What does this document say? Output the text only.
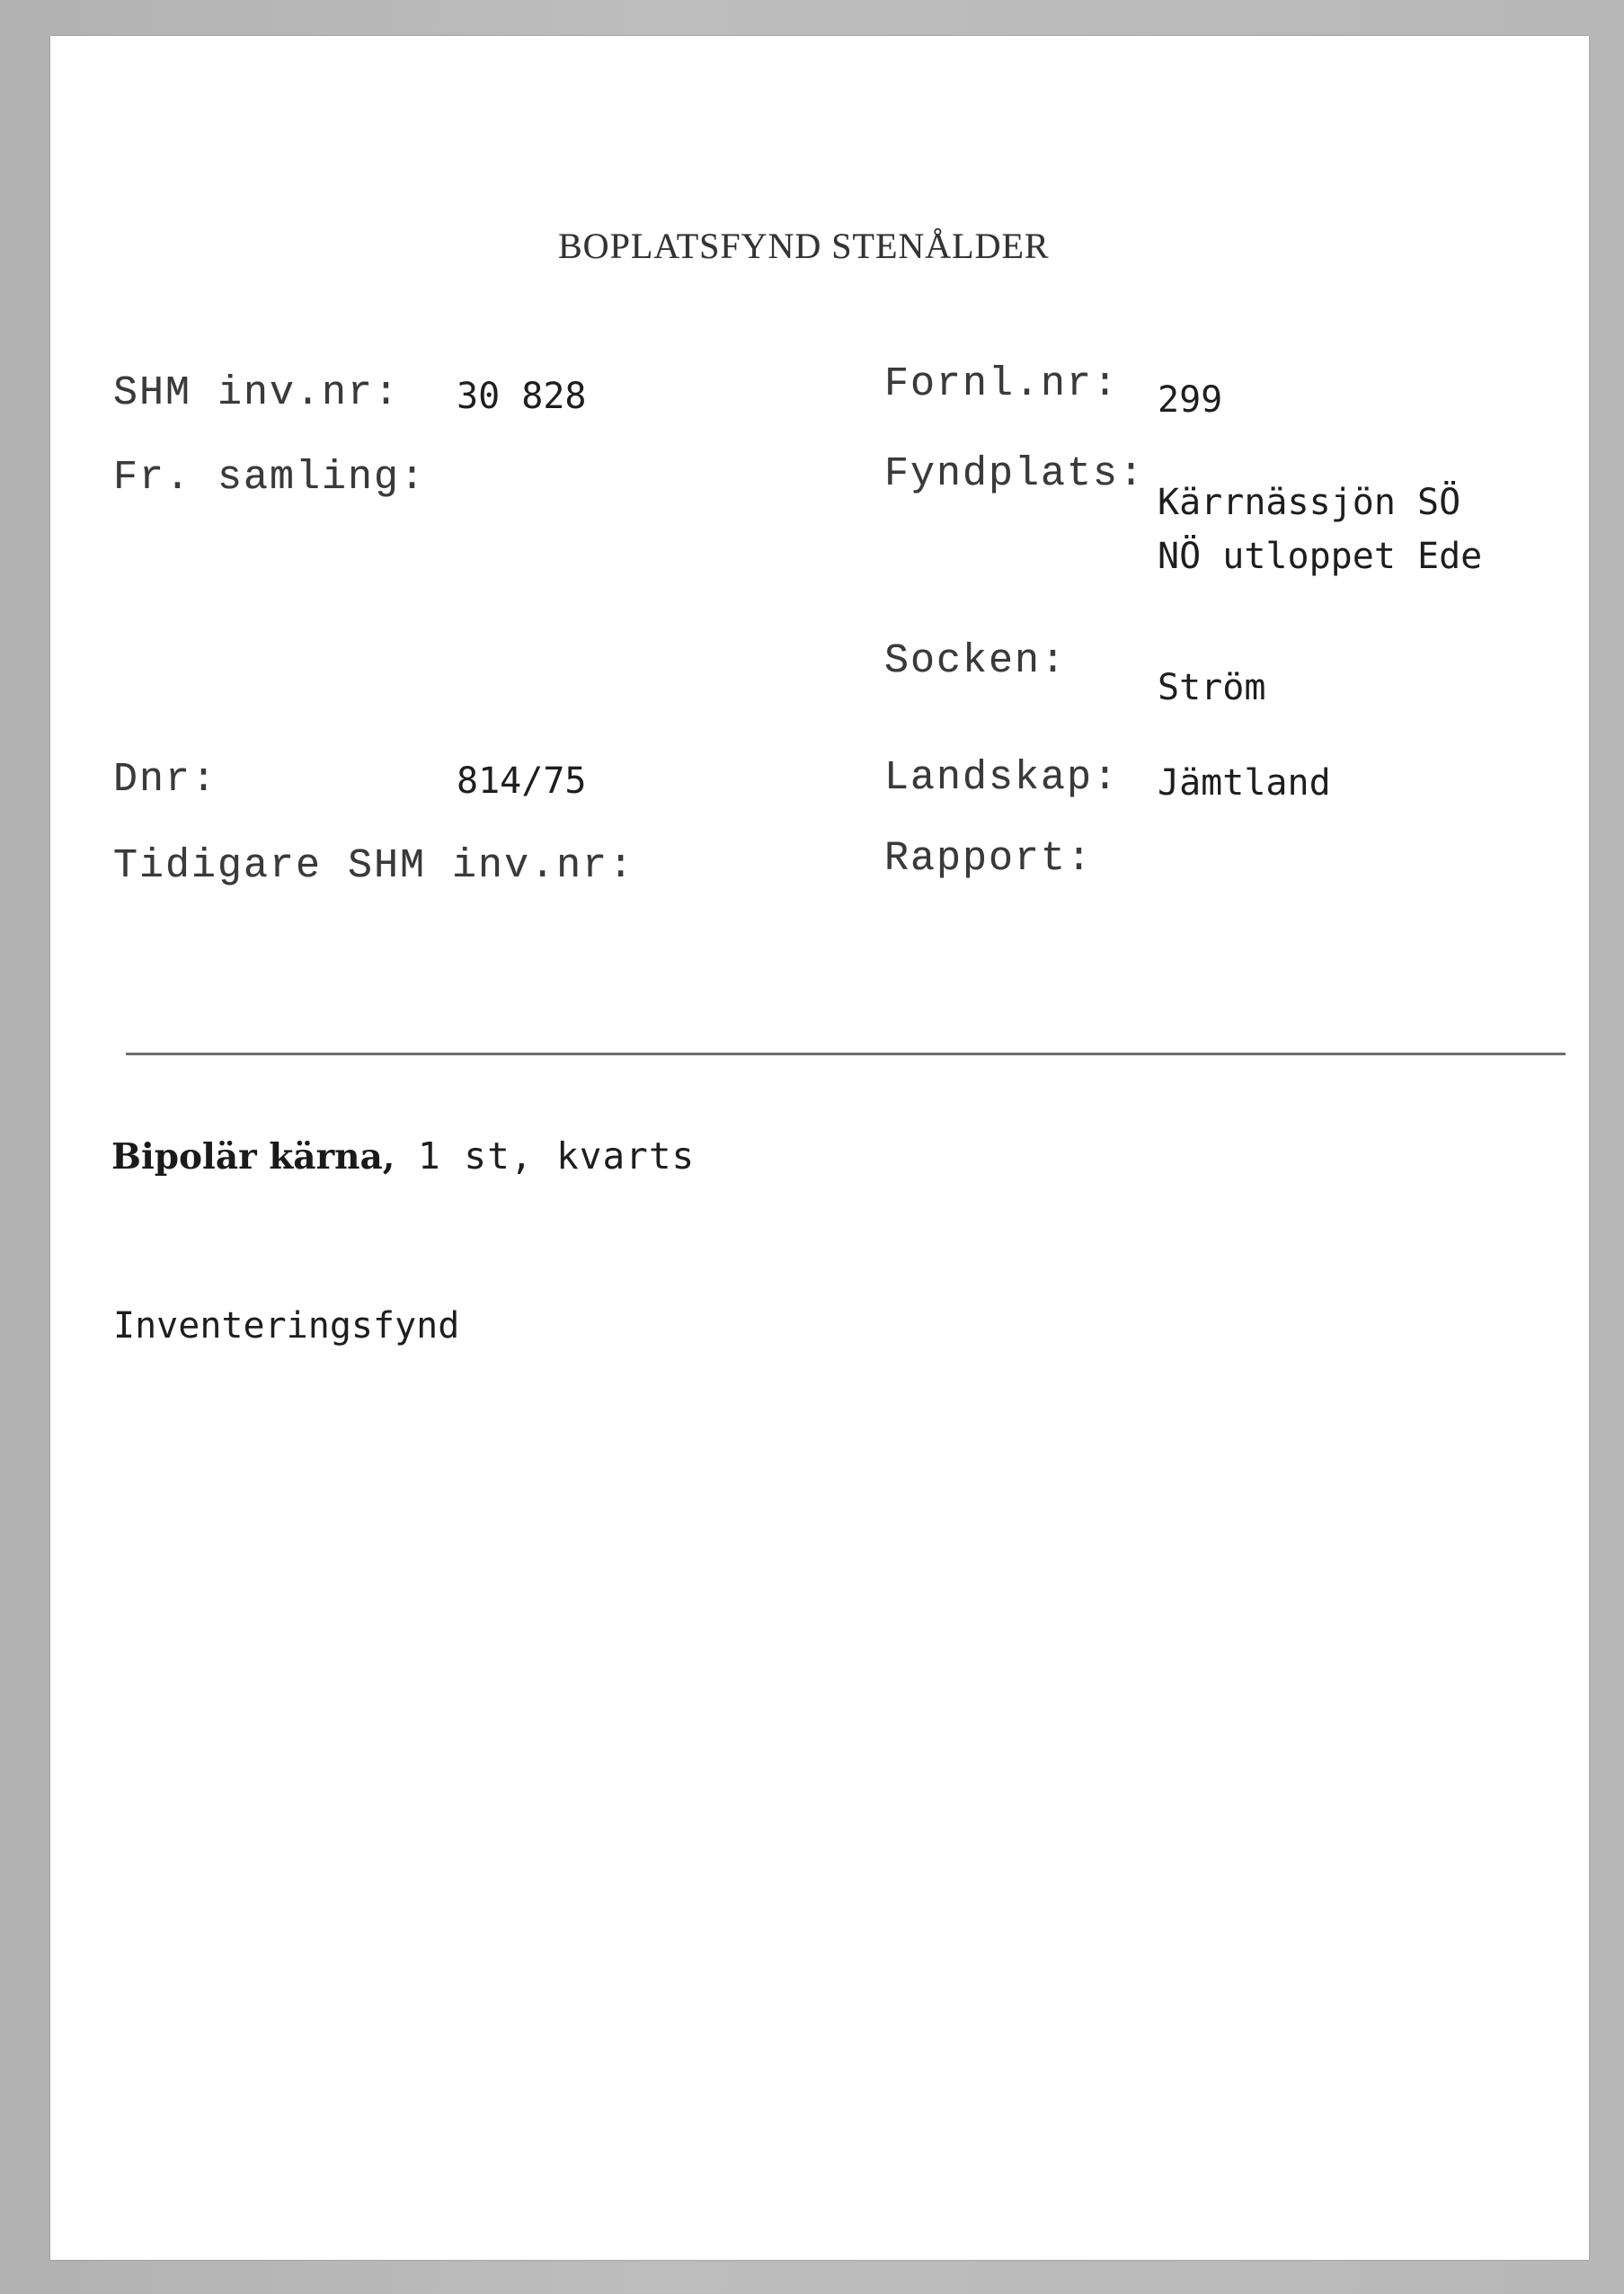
BOPLATSFYND STENÅLDER
SHM inv.nr: 30 828	Fornl.nr: 299
Fr. samling:	Fyndplats:
Kärrnässjön SÖ
NÖ utloppet Ede
Socken:
Ström
Dnr:	814/75	Landskap: Jämtland
Tidigare SHM inv.nr:	Rapport:
Bipolär kärna, 1 st, kvarts
Inventeringsfynd
